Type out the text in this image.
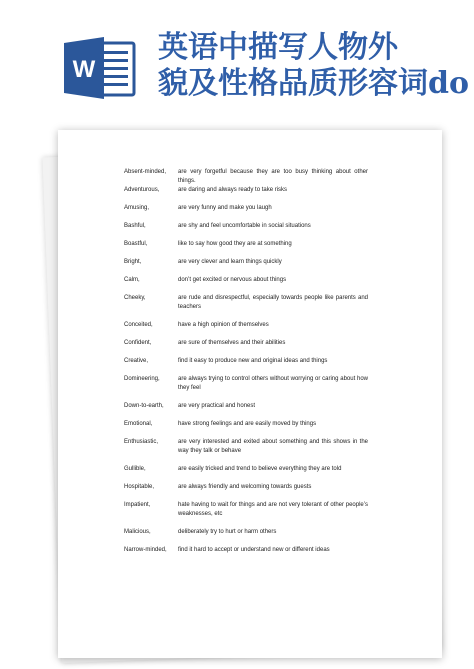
W
英语中描写人物外
貌及性格品质形容词do
Absent-minded,	are very forgetful because they are too busy thinking about other things.
Adventurous,	are daring and always ready to take risks
Amusing,	are very funny and make you laugh
Bashful,	are shy and feel uncomfortable in social situations
Boastful,	like to say how good they are at something
Bright,	are very clever and learn things quickly
Calm,	don’t get excited or nervous about things
Cheeky,	are rude and disrespectful, especially towards people like parents and teachers
Conceited,	have a high opinion of themselves
Confident,	are sure of themselves and their abilities
Creative,	find it easy to produce new and original ideas and things
Domineering,	are always trying to control others without worrying or caring about how they feel
Down-to-earth,	are very practical and honest
Emotional,	have strong feelings and are easily moved by things
Enthusiastic,	are very interested and exited about something and this shows in the way they talk or behave
Gullible,	are easily tricked and trend to believe everything they are told
Hospitable,	are always friendly and welcoming towards guests
Impatient,	hate having to wait for things and are not very tolerant of other people’s weaknesses, etc
Malicious,	deliberately try to hurt or harm others
Narrow-minded,	find it hard to accept or understand new or different ideas
